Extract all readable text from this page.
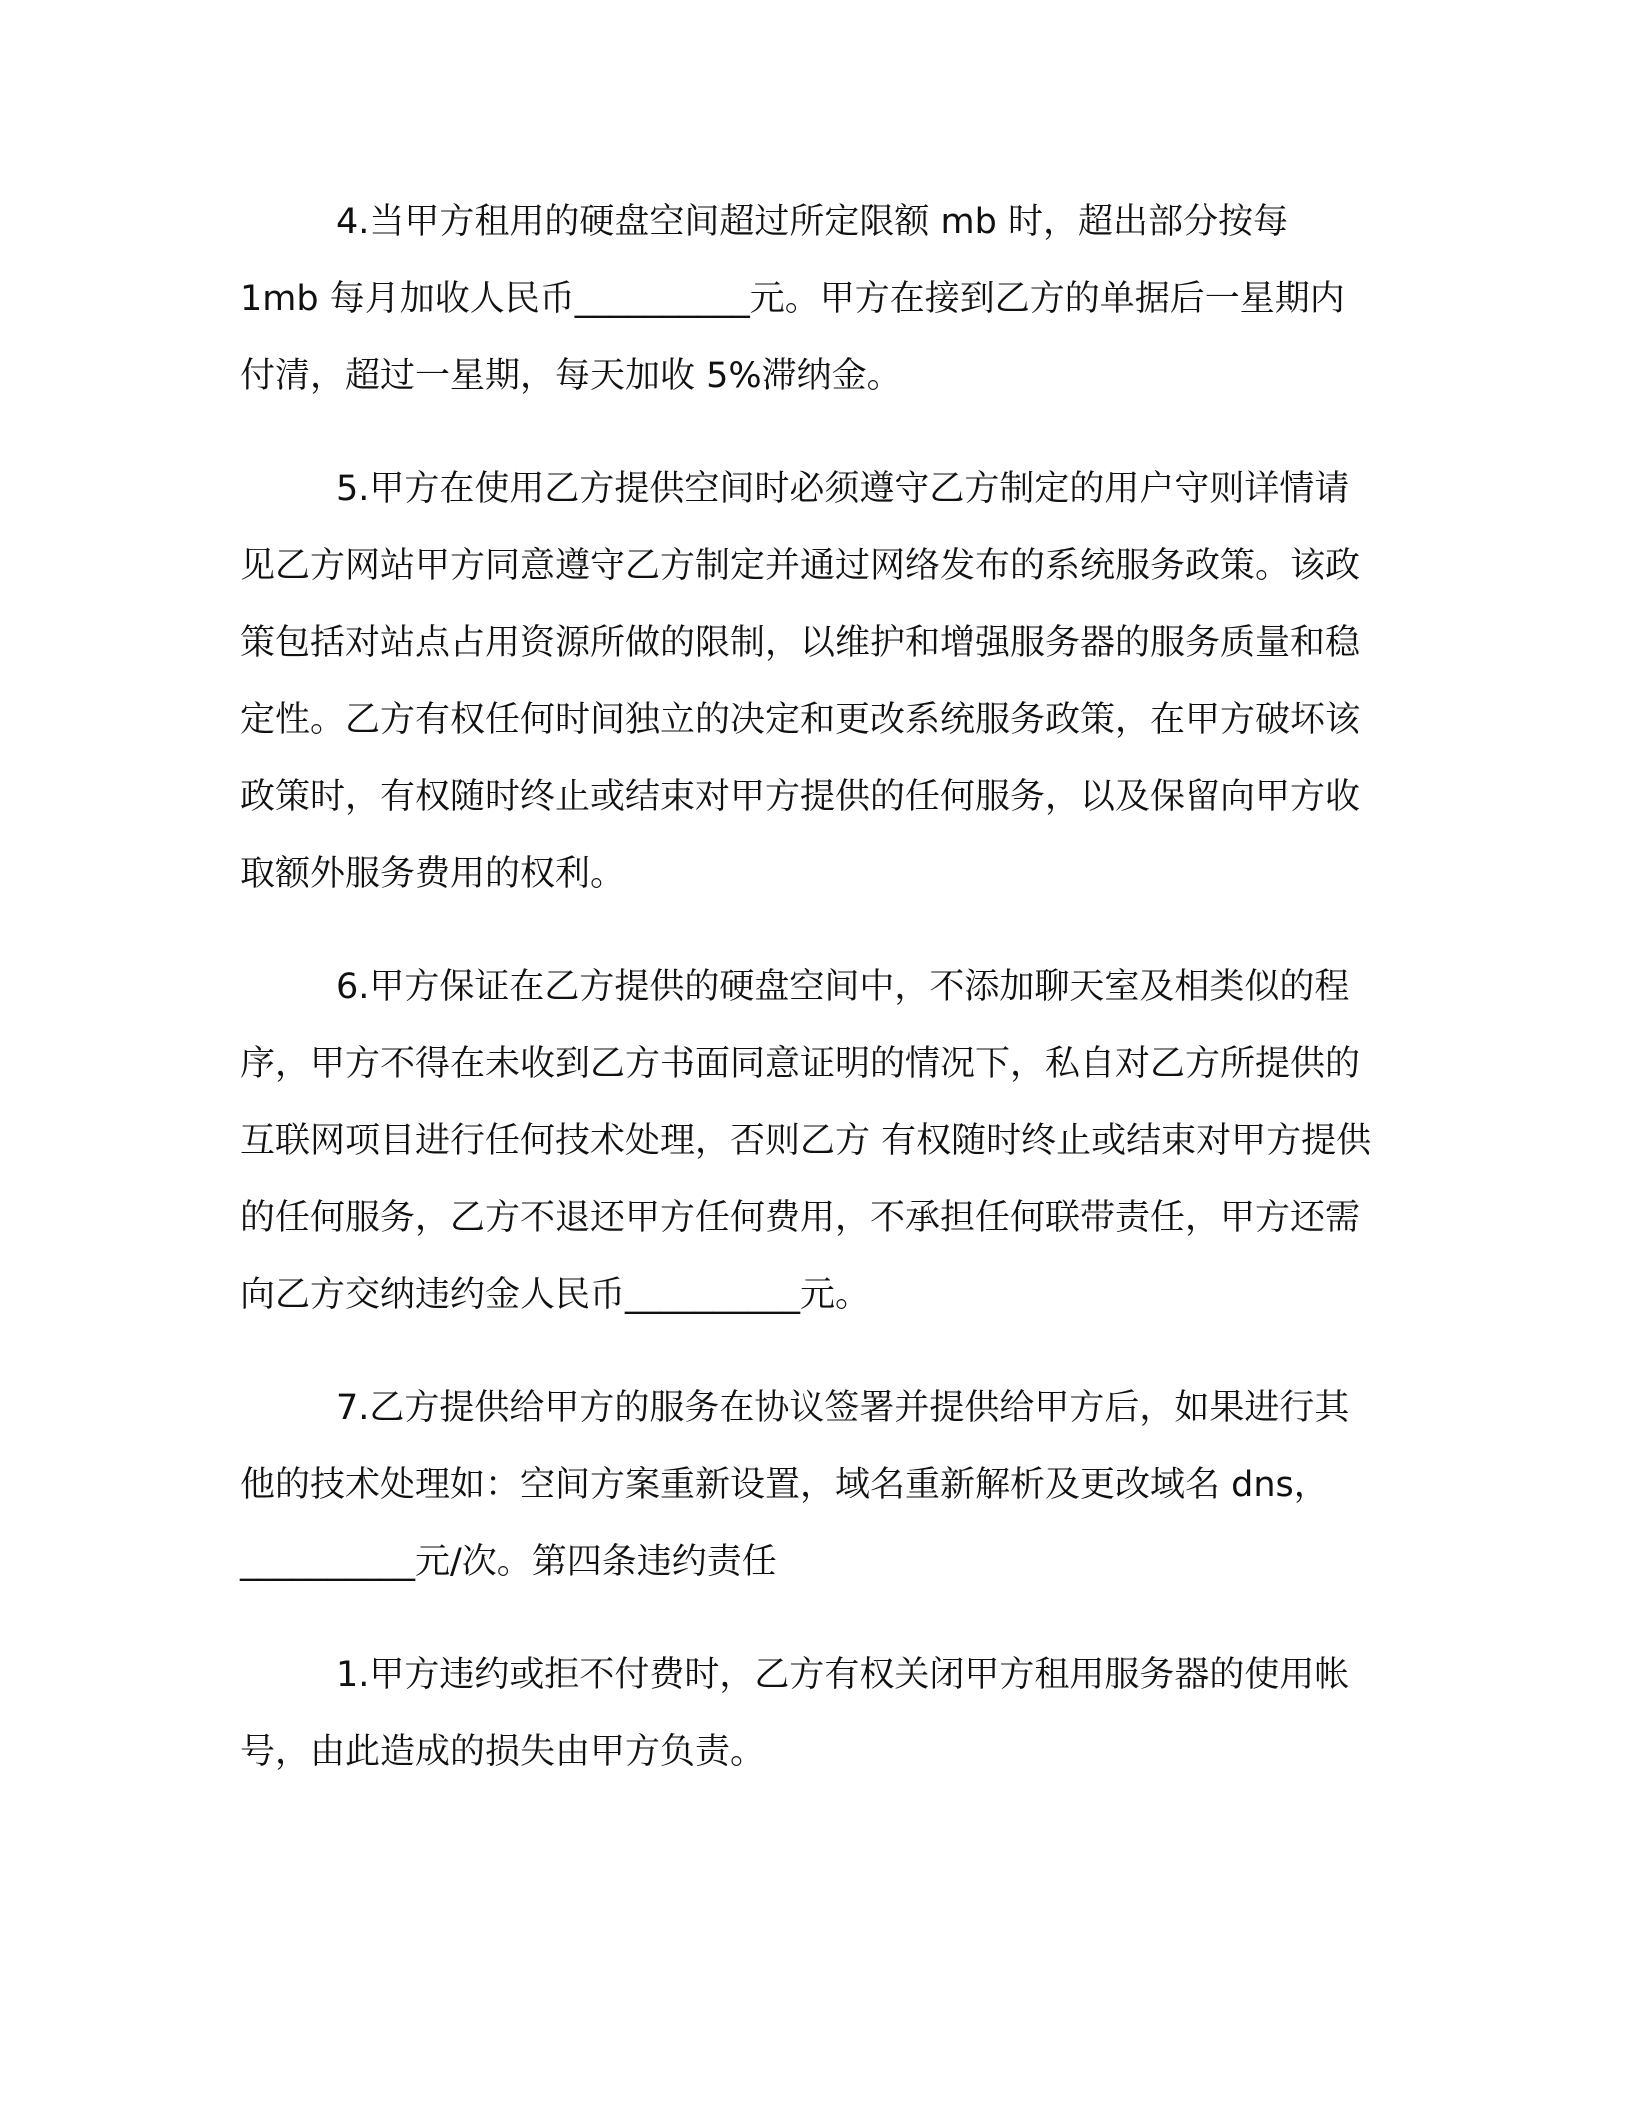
4.当甲方租用的硬盘空间超过所定限额 mb 时，超出部分按每 1mb 每月加收人民币__________元。甲方在接到乙方的单据后一星期内付清，超过一星期，每天加收 5%滞纳金。

5.甲方在使用乙方提供空间时必须遵守乙方制定的用户守则详情请见乙方网站甲方同意遵守乙方制定并通过网络发布的系统服务政策。该政策包括对站点占用资源所做的限制，以维护和增强服务器的服务质量和稳定性。乙方有权任何时间独立的决定和更改系统服务政策，在甲方破坏该政策时，有权随时终止或结束对甲方提供的任何服务，以及保留向甲方收取额外服务费用的权利。

6.甲方保证在乙方提供的硬盘空间中，不添加聊天室及相类似的程序，甲方不得在未收到乙方书面同意证明的情况下，私自对乙方所提供的互联网项目进行任何技术处理，否则乙方 有权随时终止或结束对甲方提供的任何服务，乙方不退还甲方任何费用，不承担任何联带责任，甲方还需向乙方交纳违约金人民币__________元。

7.乙方提供给甲方的服务在协议签署并提供给甲方后，如果进行其他的技术处理如：空间方案重新设置，域名重新解析及更改域名 dns，__________元/次。第四条违约责任

1.甲方违约或拒不付费时，乙方有权关闭甲方租用服务器的使用帐号，由此造成的损失由甲方负责。
